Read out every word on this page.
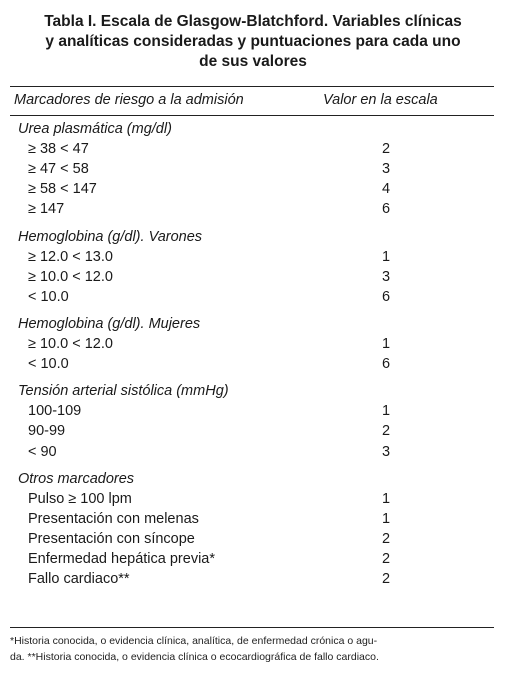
Tabla I. Escala de Glasgow-Blatchford. Variables clínicas
y analíticas consideradas y puntuaciones para cada uno
de sus valores
Marcadores de riesgo a la admisión	Valor en la escala
Urea plasmática (mg/dl)
≥ 38 < 47	2
≥ 47 < 58	3
≥ 58 < 147	4
≥ 147	6
Hemoglobina (g/dl). Varones
≥ 12.0 < 13.0	1
≥ 10.0 < 12.0	3
< 10.0	6
Hemoglobina (g/dl). Mujeres
≥ 10.0 < 12.0	1
< 10.0	6
Tensión arterial sistólica (mmHg)
100-109	1
90-99	2
< 90	3
Otros marcadores
Pulso ≥ 100 lpm	1
Presentación con melenas	1
Presentación con síncope	2
Enfermedad hepática previa*	2
Fallo cardiaco**	2
*Historia conocida, o evidencia clínica, analítica, de enfermedad crónica o agu-
da. **Historia conocida, o evidencia clínica o ecocardiográfica de fallo cardiaco.
